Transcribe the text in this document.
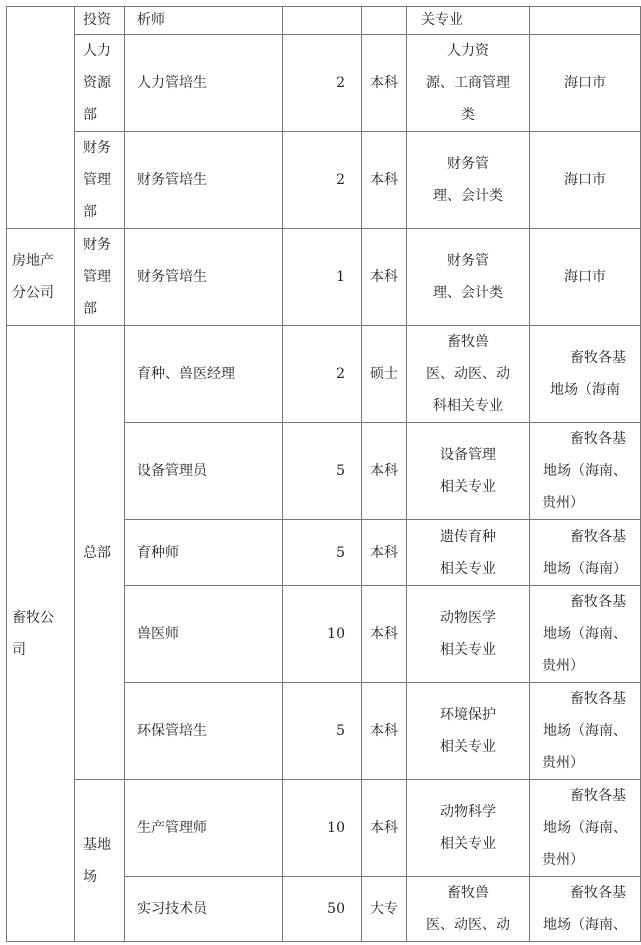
	投资	析师			关专业	

	人力
资源
部	人力管培生	2	本科	人力资
源、工商管理
类	海口市

	财务
管理
部	财务管培生	2	本科	财务管
理、会计类	海口市

房地产
分公司	财务
管理
部	财务管培生	1	本科	财务管
理、会计类	海口市

畜牧公
司	总部	育种、兽医经理	2	硕士	畜牧兽
医、动医、动
科相关专业	畜牧各基
地场（海南

		设备管理员	5	本科	设备管理
相关专业	畜牧各基
地场（海南、
贵州）

		育种师	5	本科	遗传育种
相关专业	畜牧各基
地场（海南）

		兽医师	10	本科	动物医学
相关专业	畜牧各基
地场（海南、
贵州）

		环保管培生	5	本科	环境保护
相关专业	畜牧各基
地场（海南、
贵州）

	基地
场	生产管理师	10	本科	动物科学
相关专业	畜牧各基
地场（海南、
贵州）

		实习技术员	50	大专	畜牧兽
医、动医、动	畜牧各基
地场（海南、
